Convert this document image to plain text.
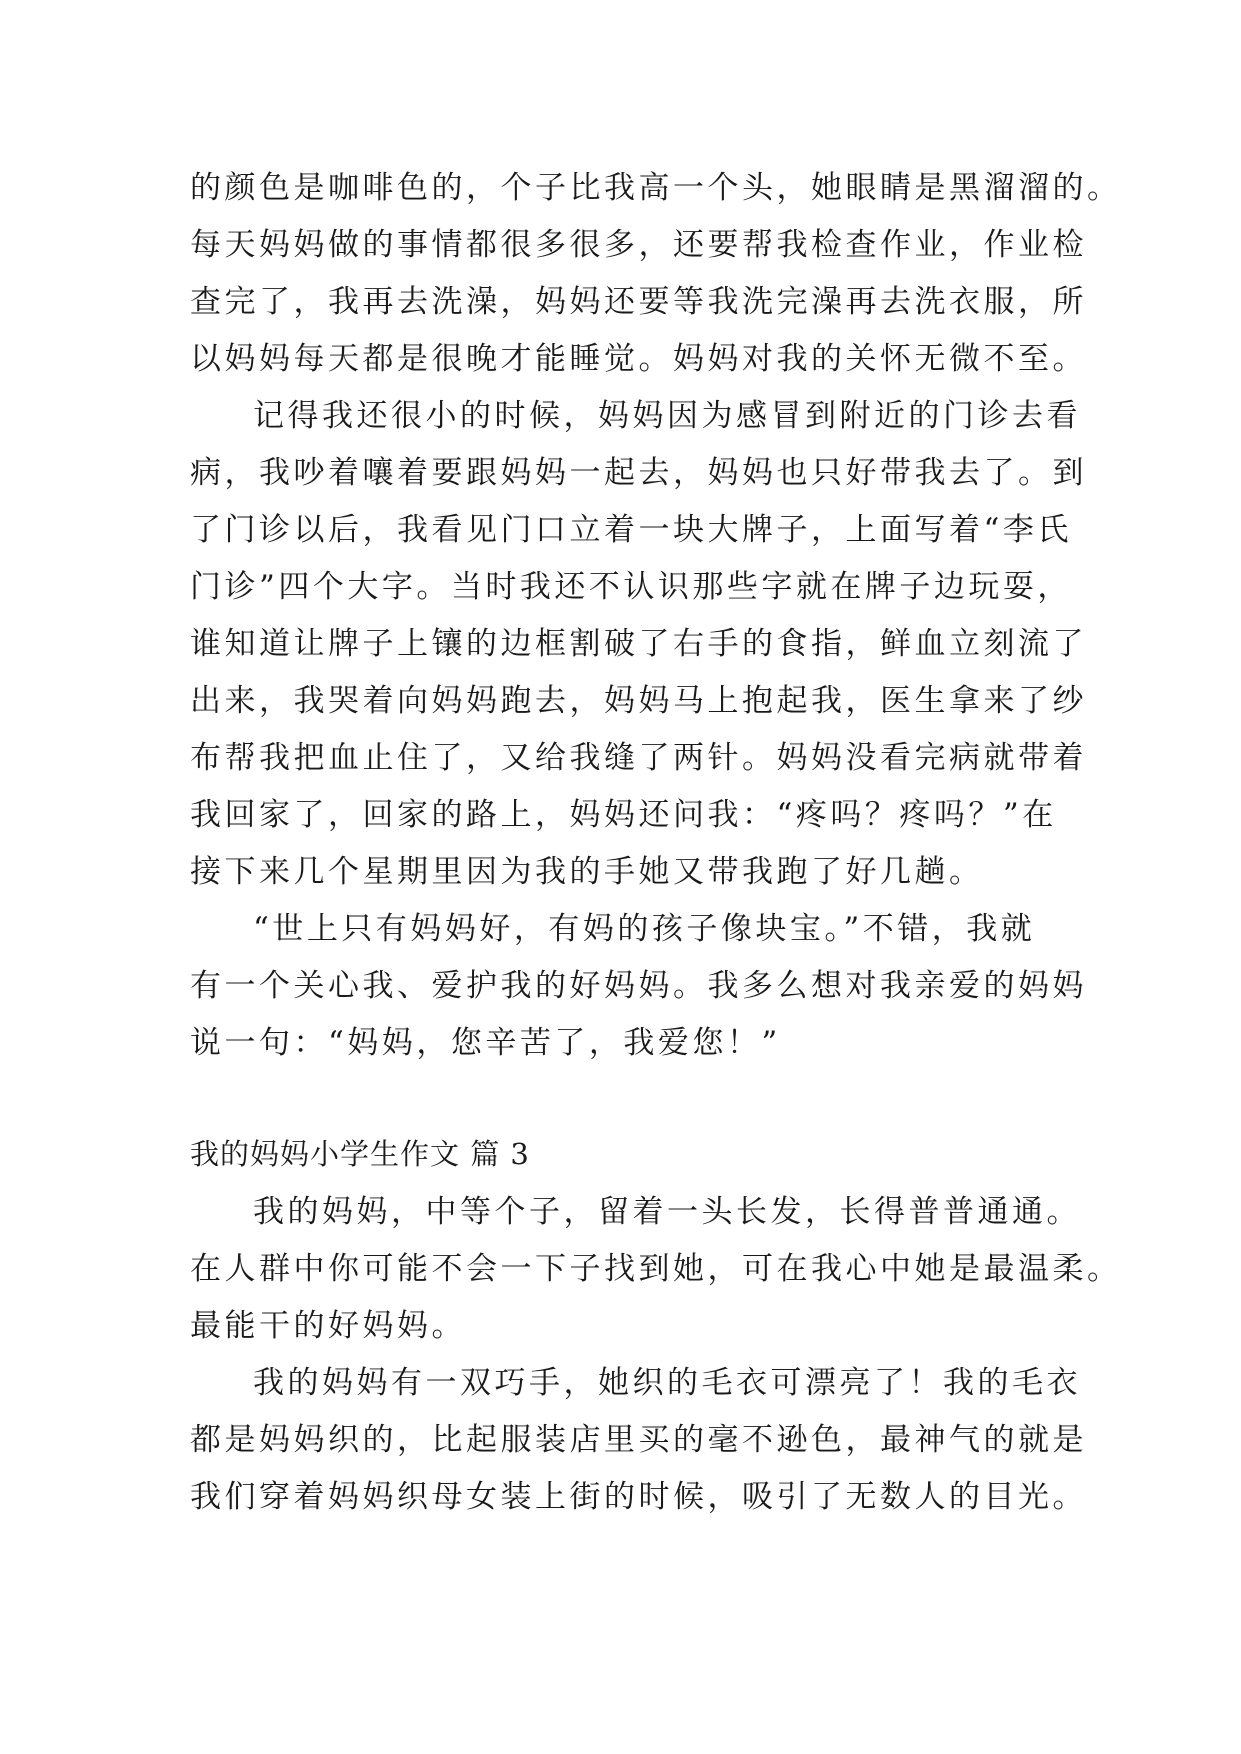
的颜色是咖啡色的，个子比我高一个头，她眼睛是黑溜溜的。
每天妈妈做的事情都很多很多，还要帮我检查作业，作业检
查完了，我再去洗澡，妈妈还要等我洗完澡再去洗衣服，所
以妈妈每天都是很晚才能睡觉。妈妈对我的关怀无微不至。
记得我还很小的时候，妈妈因为感冒到附近的门诊去看
病，我吵着嚷着要跟妈妈一起去，妈妈也只好带我去了。到
了门诊以后，我看见门口立着一块大牌子，上面写着“李氏
门诊”四个大字。当时我还不认识那些字就在牌子边玩耍，
谁知道让牌子上镶的边框割破了右手的食指，鲜血立刻流了
出来，我哭着向妈妈跑去，妈妈马上抱起我，医生拿来了纱
布帮我把血止住了，又给我缝了两针。妈妈没看完病就带着
我回家了，回家的路上，妈妈还问我：“疼吗？疼吗？”在
接下来几个星期里因为我的手她又带我跑了好几趟。
“世上只有妈妈好，有妈的孩子像块宝。”不错，我就
有一个关心我、爱护我的好妈妈。我多么想对我亲爱的妈妈
说一句：“妈妈，您辛苦了，我爱您！”
我的妈妈小学生作文 篇 3
我的妈妈，中等个子，留着一头长发，长得普普通通。
在人群中你可能不会一下子找到她，可在我心中她是最温柔。
最能干的好妈妈。
我的妈妈有一双巧手，她织的毛衣可漂亮了！我的毛衣
都是妈妈织的，比起服装店里买的毫不逊色，最神气的就是
我们穿着妈妈织母女装上街的时候，吸引了无数人的目光。
